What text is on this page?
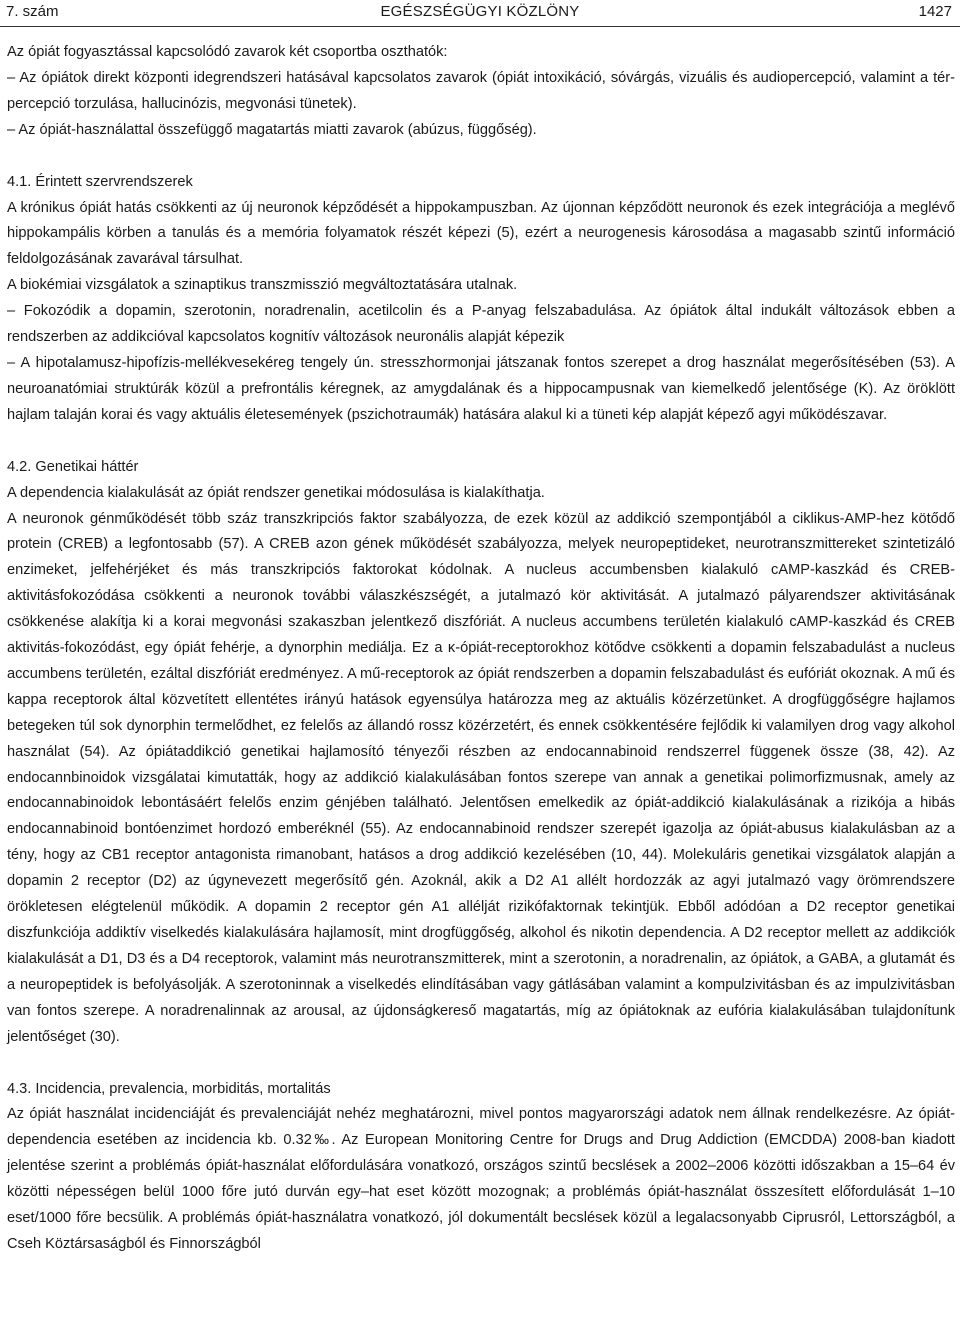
7. szám	EGÉSZSÉGÜGYI KÖZLÖNY	1427

Az ópiát fogyasztással kapcsolódó zavarok két csoportba oszthatók:

– Az ópiátok direkt központi idegrendszeri hatásával kapcsolatos zavarok (ópiát intoxikáció, sóvárgás, vizuális és audiopercepció, valamint a tér-percepció torzulása, hallucinózis, megvonási tünetek).

– Az ópiát-használattal összefüggő magatartás miatti zavarok (abúzus, függőség).

4.1. Érintett szervrendszerek

A krónikus ópiát hatás csökkenti az új neuronok képződését a hippokampuszban. Az újonnan képződött neuronok és ezek integrációja a meglévő hippokampális körben a tanulás és a memória folyamatok részét képezi (5), ezért a neurogenesis károsodása a magasabb szintű információ feldolgozásának zavarával társulhat.

A biokémiai vizsgálatok a szinaptikus transzmisszió megváltoztatására utalnak.

– Fokozódik a dopamin, szerotonin, noradrenalin, acetilcolin és a P-anyag felszabadulása. Az ópiátok által indukált változások ebben a rendszerben az addikcióval kapcsolatos kognitív változások neuronális alapját képezik

– A hipotalamusz-hipofízis-mellékvesekéreg tengely ún. stresszhormonjai játszanak fontos szerepet a drog használat megerősítésében (53). A neuroanatómiai struktúrák közül a prefrontális kéregnek, az amygdalának és a hippocampusnak van kiemelkedő jelentősége (K). Az öröklött hajlam talaján korai és vagy aktuális életesemények (pszichotraumák) hatására alakul ki a tüneti kép alapját képező agyi működészavar.

4.2. Genetikai háttér

A dependencia kialakulását az ópiát rendszer genetikai módosulása is kialakíthatja.

A neuronok génműködését több száz transzkripciós faktor szabályozza, de ezek közül az addikció szempontjából a ciklikus-AMP-hez kötődő protein (CREB) a legfontosabb (57). A CREB azon gének működését szabályozza, melyek neuropeptideket, neurotranszmittereket szintetizáló enzimeket, jelfehérjéket és más transzkripciós faktorokat kódolnak. A nucleus accumbensben kialakuló cAMP-kaszkád és CREB-aktivitásfokozódása csökkenti a neuronok további válaszkészségét, a jutalmazó kör aktivitását. A jutalmazó pályarendszer aktivitásának csökkenése alakítja ki a korai megvonási szakaszban jelentkező diszfóriát. A nucleus accumbens területén kialakuló cAMP-kaszkád és CREB aktivitás-fokozódást, egy ópiát fehérje, a dynorphin mediálja. Ez a κ-ópiát-receptorokhoz kötődve csökkenti a dopamin felszabadulást a nucleus accumbens területén, ezáltal diszfóriát eredményez. A mű-receptorok az ópiát rendszerben a dopamin felszabadulást és eufóriát okoznak. A mű és kappa receptorok által közvetített ellentétes irányú hatások egyensúlya határozza meg az aktuális közérzetünket. A drogfüggőségre hajlamos betegeken túl sok dynorphin termelődhet, ez felelős az állandó rossz közérzetért, és ennek csökkentésére fejlődik ki valamilyen drog vagy alkohol használat (54). Az ópiátaddikció genetikai hajlamosító tényezői részben az endocannabinoid rendszerrel függenek össze (38, 42). Az endocannbinoidok vizsgálatai kimutatták, hogy az addikció kialakulásában fontos szerepe van annak a genetikai polimorfizmusnak, amely az endocannabinoidok lebontásáért felelős enzim génjében található. Jelentősen emelkedik az ópiát-addikció kialakulásának a rizikója a hibás endocannabinoid bontóenzimet hordozó emberéknél (55). Az endocannabinoid rendszer szerepét igazolja az ópiát-abusus kialakulásban az a tény, hogy az CB1 receptor antagonista rimanobant, hatásos a drog addikció kezelésében (10, 44). Molekuláris genetikai vizsgálatok alapján a dopamin 2 receptor (D2) az úgynevezett megerősítő gén. Azoknál, akik a D2 A1 allélt hordozzák az agyi jutalmazó vagy örömrendszere örökletesen elégtelenül működik. A dopamin 2 receptor gén A1 allélját rizikófaktornak tekintjük. Ebből adódóan a D2 receptor genetikai diszfunkciója addiktív viselkedés kialakulására hajlamosít, mint drogfüggőség, alkohol és nikotin dependencia. A D2 receptor mellett az addikciók kialakulását a D1, D3 és a D4 receptorok, valamint más neurotranszmitterek, mint a szerotonin, a noradrenalin, az ópiátok, a GABA, a glutamát és a neuropeptidek is befolyásolják. A szerotoninnak a viselkedés elindításában vagy gátlásában valamint a kompulzivitásban és az impulzivitásban van fontos szerepe. A noradrenalinnak az arousal, az újdonságkereső magatartás, míg az ópiátoknak az eufória kialakulásában tulajdonítunk jelentőséget (30).

4.3. Incidencia, prevalencia, morbiditás, mortalitás

Az ópiát használat incidenciáját és prevalenciáját nehéz meghatározni, mivel pontos magyarországi adatok nem állnak rendelkezésre. Az ópiát-dependencia esetében az incidencia kb. 0.32‰. Az European Monitoring Centre for Drugs and Drug Addiction (EMCDDA) 2008-ban kiadott jelentése szerint a problémás ópiát-használat előfordulására vonatkozó, országos szintű becslések a 2002–2006 közötti időszakban a 15–64 év közötti népességen belül 1000 főre jutó durván egy–hat eset között mozognak; a problémás ópiát-használat összesített előfordulását 1–10 eset/1000 főre becsülik. A problémás ópiát-használatra vonatkozó, jól dokumentált becslések közül a legalacsonyabb Ciprusról, Lettországból, a Cseh Köztársaságból és Finnországból
